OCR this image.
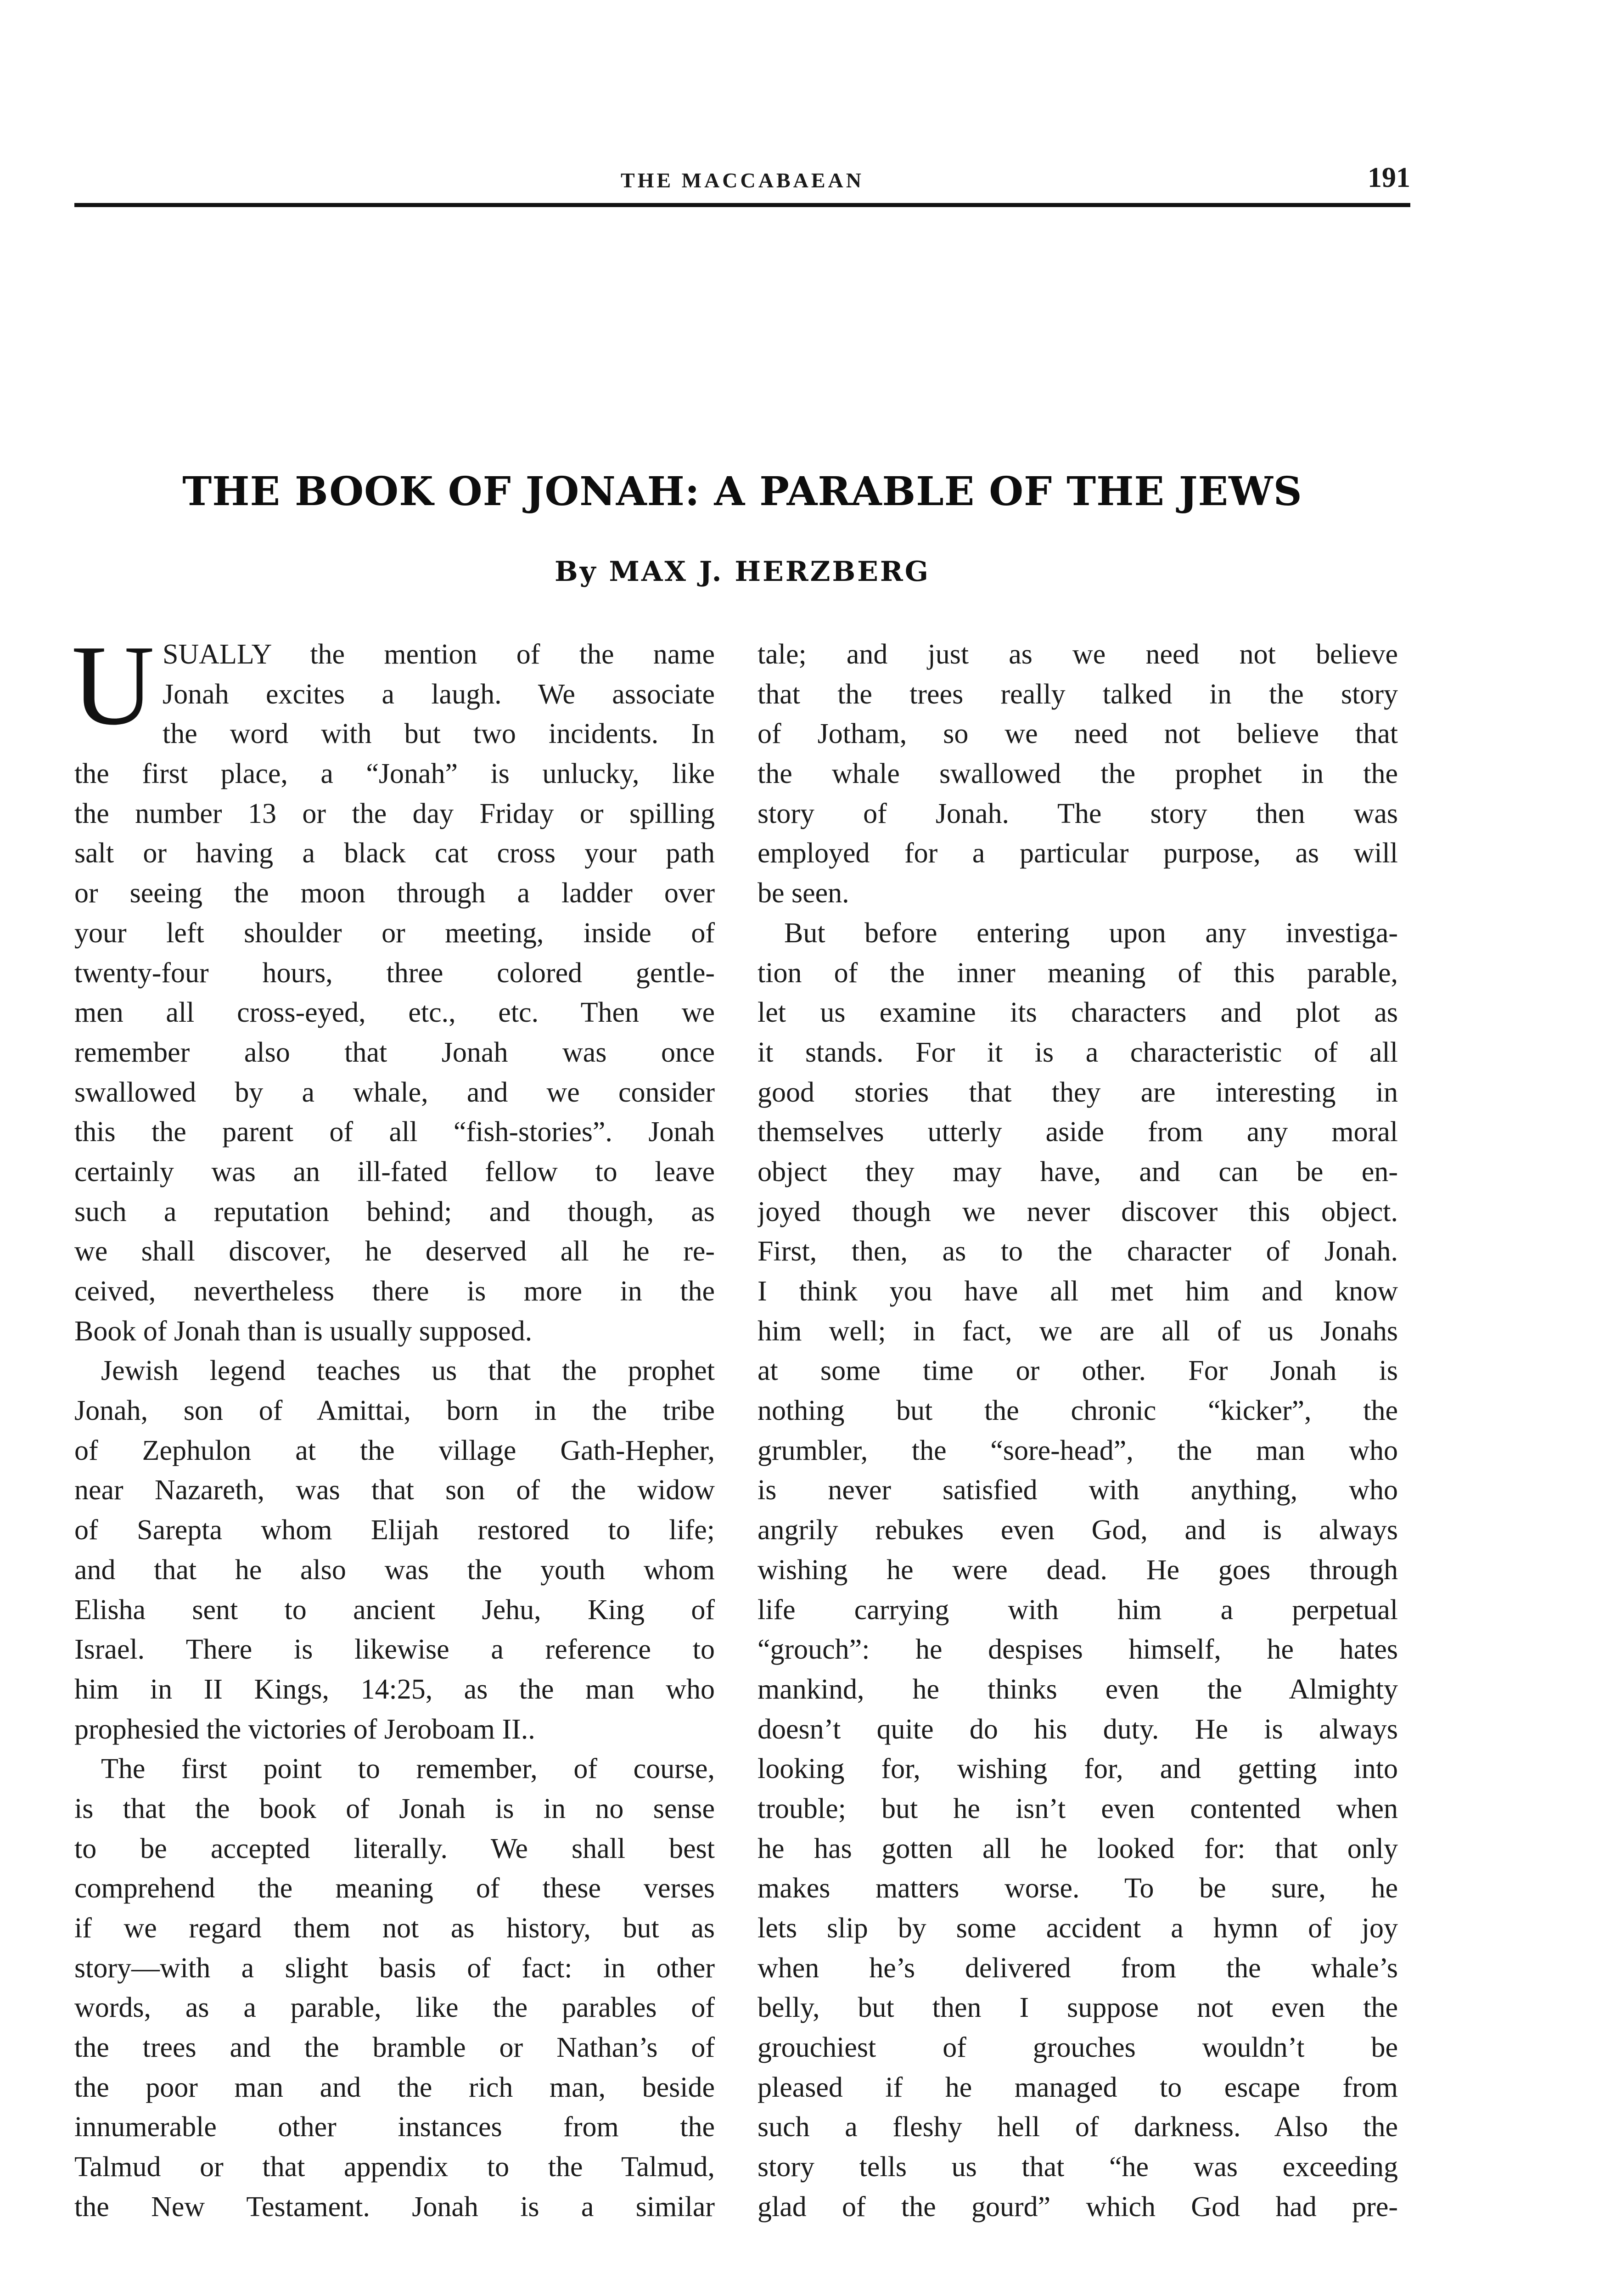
THE MACCABAEAN	191
THE BOOK OF JONAH: A PARABLE OF THE JEWS
By MAX J. HERZBERG
U SUALLY the mention of the name
Jonah excites a laugh. We associate
the word with but two incidents. In
the first place, a “Jonah” is unlucky, like
the number 13 or the day Friday or spilling
salt or having a black cat cross your path
or seeing the moon through a ladder over
your left shoulder or meeting, inside of
twenty-four hours, three colored gentle-
men all cross-eyed, etc., etc. Then we
remember also that Jonah was once
swallowed by a whale, and we consider
this the parent of all “fish-stories”. Jonah
certainly was an ill-fated fellow to leave
such a reputation behind; and though, as
we shall discover, he deserved all he re-
ceived, nevertheless there is more in the
Book of Jonah than is usually supposed.
Jewish legend teaches us that the prophet
Jonah, son of Amittai, born in the tribe
of Zephulon at the village Gath-Hepher,
near Nazareth, was that son of the widow
of Sarepta whom Elijah restored to life;
and that he also was the youth whom
Elisha sent to ancient Jehu, King of
Israel. There is likewise a reference to
him in II Kings, 14:25, as the man who
prophesied the victories of Jeroboam II..
The first point to remember, of course,
is that the book of Jonah is in no sense
to be accepted literally. We shall best
comprehend the meaning of these verses
if we regard them not as history, but as
story—with a slight basis of fact: in other
words, as a parable, like the parables of
the trees and the bramble or Nathan’s of
the poor man and the rich man, beside
innumerable other instances from the
Talmud or that appendix to the Talmud,
the New Testament. Jonah is a similar
tale; and just as we need not believe
that the trees really talked in the story
of Jotham, so we need not believe that
the whale swallowed the prophet in the
story of Jonah. The story then was
employed for a particular purpose, as will
be seen.
But before entering upon any investiga-
tion of the inner meaning of this parable,
let us examine its characters and plot as
it stands. For it is a characteristic of all
good stories that they are interesting in
themselves utterly aside from any moral
object they may have, and can be en-
joyed though we never discover this object.
First, then, as to the character of Jonah.
I think you have all met him and know
him well; in fact, we are all of us Jonahs
at some time or other. For Jonah is
nothing but the chronic “kicker”, the
grumbler, the “sore-head”, the man who
is never satisfied with anything, who
angrily rebukes even God, and is always
wishing he were dead. He goes through
life carrying with him a perpetual
“grouch”: he despises himself, he hates
mankind, he thinks even the Almighty
doesn’t quite do his duty. He is always
looking for, wishing for, and getting into
trouble; but he isn’t even contented when
he has gotten all he looked for: that only
makes matters worse. To be sure, he
lets slip by some accident a hymn of joy
when he’s delivered from the whale’s
belly, but then I suppose not even the
grouchiest of grouches wouldn’t be
pleased if he managed to escape from
such a fleshy hell of darkness. Also the
story tells us that “he was exceeding
glad of the gourd” which God had pre-
